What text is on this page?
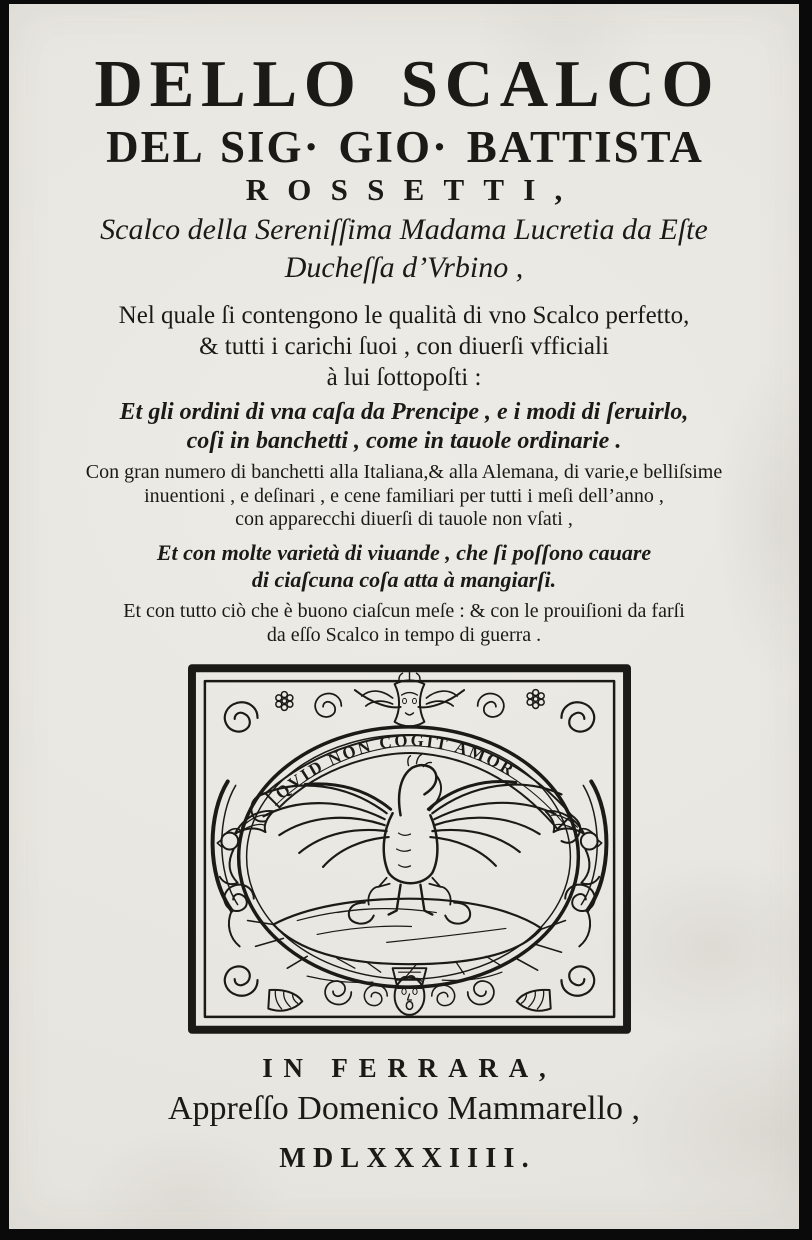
DELLO SCALCO
DEL SIG· GIO· BATTISTA
ROSSETTI,
Scalco della Sereniſſima Madama Lucretia da Eſte
Ducheſſa d’Vrbino ,
Nel quale ſi contengono le qualità di vno Scalco perfetto,
& tutti i carichi ſuoi , con diuerſi vfficiali
à lui ſottopoſti :
Et gli ordini di vna caſa da Prencipe , e i modi di ſeruirlo,
coſi in banchetti , come in tauole ordinarie .
Con gran numero di banchetti alla Italiana,& alla Alemana, di varie,e belliſsime
inuentioni , e deſinari , e cene familiari per tutti i meſi dell’anno ,
con apparecchi diuerſi di tauole non vſati ,
Et con molte varietà di viuande , che ſi poſſono cauare
di ciaſcuna coſa atta à mangiarſi.
Et con tutto ciò che è buono ciaſcun meſe : & con le prouiſioni da farſi
da eſſo Scalco in tempo di guerra .
QVID NON COGIT AMOR
IN FERRARA,
Appreſſo Domenico Mammarello ,
MDLXXXIIII.
